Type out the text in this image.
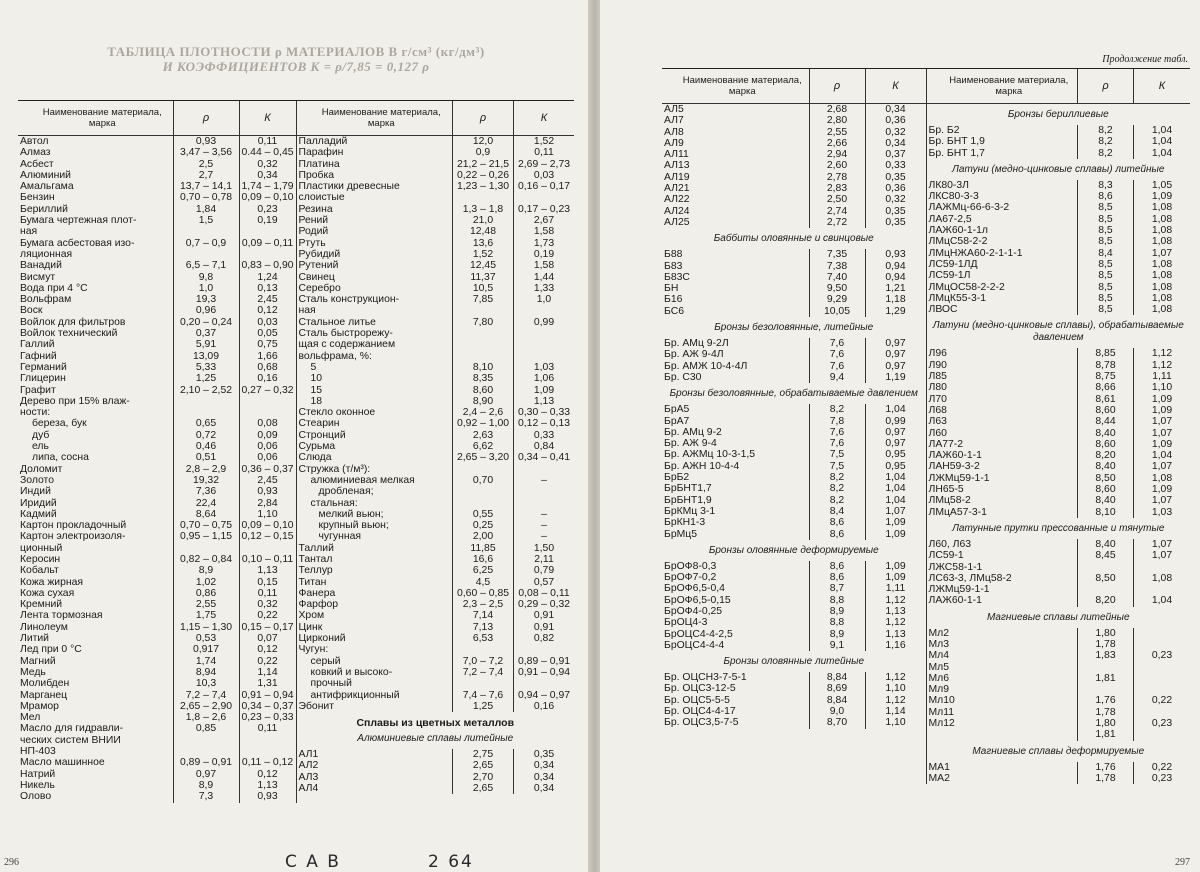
ТАБЛИЦА ПЛОТНОСТИ ρ МАТЕРИАЛОВ В г/см³ (кг/дм³)
И КОЭФФИЦИЕНТОВ К = ρ/7,85 = 0,127 ρ
Наименование материала, марка	ρ	К
Автол	0,93	0,11
Алмаз	3,47 – 3,56 0.44 – 0,45
Асбест	2,5	0,32
Алюминий	2,7	0,34
Амальгама	13,7 – 14,1 1,74 – 1,79
Бензин	0,70 – 0,78 0,09 – 0,10
Бериллий	1,84	0,23
Бумага чертежная плот-	1,5	0,19
ная
Бумага асбестовая изо-	0,7 – 0,9	0,09 – 0,11
ляционная
Ванадий	6,5 – 7,1	0,83 – 0,90
Висмут	9,8	1,24
Вода при 4 °С	1,0	0,13
Вольфрам	19,3	2,45
Воск	0,96	0,12
Войлок для фильтров	0,20 – 0,24	0,03
Войлок технический	0,37	0,05
Галлий	5,91	0,75
Гафний	13,09	1,66
Германий	5,33	0,68
Глицерин	1,25	0,16
Графит	2,10 – 2,52 0,27 – 0,32
Дерево при 15% влаж-
ности:
береза, бук	0,65	0,08
дуб	0,72	0,09
ель	0,46	0,06
липа, сосна	0,51	0,06
Доломит	2,8 – 2,9	0,36 – 0,37
Золото	19,32	2,45
Индий	7,36	0,93
Иридий	22,4	2,84
Кадмий	8,64	1,10
Картон прокладочный	0,70 – 0,75 0,09 – 0,10
Картон электроизоля-	0,95 – 1,15 0,12 – 0,15
ционный
Керосин	0,82 – 0,84 0,10 – 0,11
Кобальт	8,9	1,13
Кожа жирная	1,02	0,15
Кожа сухая	0,86	0,11
Кремний	2,55	0,32
Лента тормозная	1,75	0,22
Линолеум	1,15 – 1,30 0,15 – 0,17
Литий	0,53	0,07
Лед при 0 °С	0,917	0,12
Магний	1,74	0,22
Медь	8,94	1,14
Молибден	10,3	1,31
Марганец	7,2 – 7,4	0,91 – 0,94
Мрамор	2,65 – 2,90 0,34 – 0,37
Мел	1,8 – 2,6	0,23 – 0,33
Масло для гидравли-	0,85	0,11
ческих систем ВНИИ
НП-403
Масло машинное	0,89 – 0,91 0,11 – 0,12
Натрий	0,97	0,12
Никель	8,9	1,13
Олово	7,3	0,93
Наименование материала, марка	ρ	К
Палладий	12,0	1,52
Парафин	0,9	0,11
Платина	21,2 – 21,5 2,69 – 2,73
Пробка	0,22 – 0,26	0,03
Пластики древесные	1,23 – 1,30 0,16 – 0,17
слоистые
Резина	1,3 – 1,8	0,17 – 0,23
Рений	21,0	2,67
Родий	12,48	1,58
Ртуть	13,6	1,73
Рубидий	1,52	0,19
Рутений	12,45	1,58
Свинец	11,37	1,44
Серебро	10,5	1,33
Сталь конструкцион-	7,85	1,0
ная
Стальное литье	7,80	0,99
Сталь быстрорежу-
щая с содержанием
вольфрама, %:
5	8,10	1,03
10	8,35	1,06
15	8,60	1,09
18	8,90	1,13
Стекло оконное	2,4 – 2,6	0,30 – 0,33
Стеарин	0,92 – 1,00 0,12 – 0,13
Стронций	2,63	0,33
Сурьма	6,62	0,84
Слюда	2,65 – 3,20 0,34 – 0,41
Стружка (т/м³):
алюминиевая мелкая	0,70	–
дробленая;
стальная:
мелкий вьюн;	0,55	–
крупный вьюн;	0,25	–
чугунная	2,00	–
Таллий	11,85	1,50
Тантал	16,6	2,11
Теллур	6,25	0,79
Титан	4,5	0,57
Фанера	0,60 – 0,85 0,08 – 0,11
Фарфор	2,3 – 2,5	0,29 – 0,32
Хром	7,14	0,91
Цинк	7,13	0,91
Цирконий	6,53	0,82
Чугун:
серый	7,0 – 7,2	0,89 – 0,91
ковкий и высоко-	7,2 – 7,4	0,91 – 0,94
прочный
антифрикционный	7,4 – 7,6	0,94 – 0,97
Эбонит	1,25	0,16
Сплавы из цветных металлов
Алюминиевые сплавы литейные
АЛ1	2,75	0,35
АЛ2	2,65	0,34
АЛ3	2,70	0,34
АЛ4	2,65	0,34
296	С А В	2 64
Продолжение табл.
Наименование материала, марка	ρ	К
АЛ5	2,68	0,34
АЛ7	2,80	0,36
АЛ8	2,55	0,32
АЛ9	2,66	0,34
АЛ11	2,94	0,37
АЛ13	2,60	0,33
АЛ19	2,78	0,35
АЛ21	2,83	0,36
АЛ22	2,50	0,32
АЛ24	2,74	0,35
АЛ25	2,72	0,35
Баббиты оловянные и свинцовые
Б88	7,35	0,93
Б83	7,38	0,94
Б83С	7,40	0,94
БН	9,50	1,21
Б16	9,29	1,18
БС6	10,05	1,29
Бронзы безоловянные, литейные
Бр. АМц 9-2Л	7,6	0,97
Бр. АЖ 9-4Л	7,6	0,97
Бр. АМЖ 10-4-4Л	7,6	0,97
Бр. С30	9,4	1,19
Бронзы безоловянные, обрабатываемые давлением
БрА5	8,2	1,04
БрА7	7,8	0,99
Бр. АМц 9-2	7,6	0,97
Бр. АЖ 9-4	7,6	0,97
Бр. АЖМц 10-3-1,5	7,5	0,95
Бр. АЖН 10-4-4	7,5	0,95
БрБ2	8,2	1,04
БрБНТ1,7	8,2	1,04
БрБНТ1,9	8,2	1,04
БрКМц 3-1	8,4	1,07
БрКН1-3	8,6	1,09
БрМц5	8,6	1,09
Бронзы оловянные деформируемые
БрОФ8-0,3	8,6	1,09
БрОФ7-0,2	8,6	1,09
БрОФ6,5-0,4	8,7	1,11
БрОФ6,5-0,15	8,8	1,12
БрОФ4-0,25	8,9	1,13
БрОЦ4-3	8,8	1,12
БрОЦС4-4-2,5	8,9	1,13
БрОЦС4-4-4	9,1	1,16
Бронзы оловянные литейные
Бр. ОЦСН3-7-5-1	8,84	1,12
Бр. ОЦС3-12-5	8,69	1,10
Бр. ОЦС5-5-5	8,84	1,12
Бр. ОЦС4-4-17	9,0	1,14
Бр. ОЦС3,5-7-5	8,70	1,10
Наименование материала, марка	ρ	К
Бронзы бериллиевые
Бр. Б2	8,2	1,04
Бр. БНТ 1,9	8,2	1,04
Бр. БНТ 1,7	8,2	1,04
Латуни (медно-цинковые сплавы) литейные
ЛК80-3Л	8,3	1,05
ЛКС80-3-3	8,6	1,09
ЛАЖМц-66-6-3-2	8,5	1,08
ЛА67-2,5	8,5	1,08
ЛАЖ60-1-1л	8,5	1,08
ЛМцС58-2-2	8,5	1,08
ЛМцНЖА60-2-1-1-1	8,4	1,07
ЛС59-1ЛД	8,5	1,08
ЛС59-1Л	8,5	1,08
ЛМцОС58-2-2-2	8,5	1,08
ЛМцК55-3-1	8,5	1,08
ЛВОС	8,5	1,08
Латуни (медно-цинковые сплавы), обрабатываемые давлением
Л96	8,85	1,12
Л90	8,78	1,12
Л85	8,75	1,11
Л80	8,66	1,10
Л70	8,61	1,09
Л68	8,60	1,09
Л63	8,44	1,07
Л60	8,40	1,07
ЛА77-2	8,60	1,09
ЛАЖ60-1-1	8,20	1,04
ЛАН59-3-2	8,40	1,07
ЛЖМц59-1-1	8,50	1,08
ЛН65-5	8,60	1,09
ЛМц58-2	8,40	1,07
ЛМцА57-3-1	8,10	1,03
Латунные прутки прессованные и тянутые
Л60, Л63	8,40	1,07
ЛС59-1	8,45	1,07
ЛЖС58-1-1
ЛС63-3, ЛМц58-2	8,50	1,08
ЛЖМц59-1-1
ЛАЖ60-1-1	8,20	1,04
Магниевые сплавы литейные
Мл2	1,80
Мл3	1,78
Мл4	1,83	0,23
Мл5
Мл6	1,81
Мл9
Мл10	1,76	0,22
Мл11	1,78
Мл12	1,80	0,23
1,81
Магниевые сплавы деформируемые
МА1	1,76	0,22
МА2	1,78	0,23
297
